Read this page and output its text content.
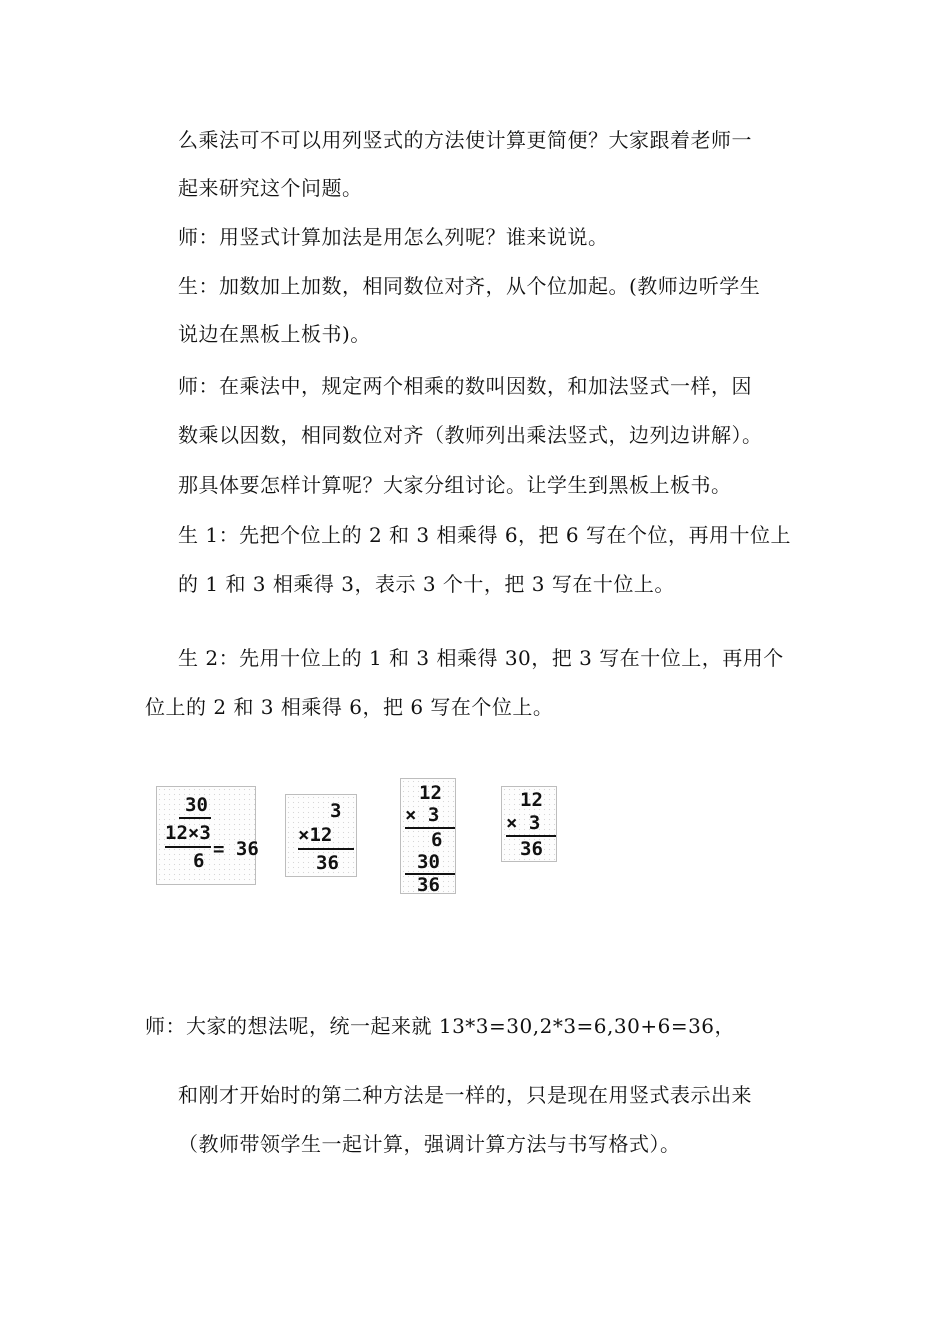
么乘法可不可以用列竖式的方法使计算更简便？大家跟着老师一
起来研究这个问题。
师：用竖式计算加法是用怎么列呢？谁来说说。
生：加数加上加数，相同数位对齐，从个位加起。(教师边听学生
说边在黑板上板书)。
师：在乘法中，规定两个相乘的数叫因数，和加法竖式一样，因
数乘以因数，相同数位对齐（教师列出乘法竖式，边列边讲解）。
那具体要怎样计算呢？大家分组讨论。让学生到黑板上板书。
生 1：先把个位上的 2 和 3 相乘得 6，把 6 写在个位，再用十位上
的 1 和 3 相乘得 3，表示 3 个十，把 3 写在十位上。
生 2：先用十位上的 1 和 3 相乘得 30，把 3 写在十位上，再用个
位上的 2 和 3 相乘得 6，把 6 写在个位上。
30
12×3
6
= 36
3
×12
36
12
× 3
6
30
36
12
× 3
36
师：大家的想法呢，统一起来就 13*3=30,2*3=6,30+6=36，
和刚才开始时的第二种方法是一样的，只是现在用竖式表示出来
（教师带领学生一起计算，强调计算方法与书写格式）。
